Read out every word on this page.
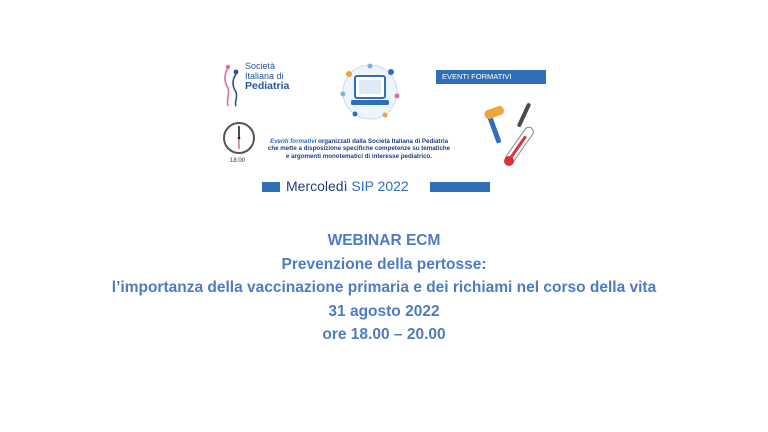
Società
Italiana di
Pediatria
EVENTI FORMATIVI
18:00
Eventi formativi organizzati dalla Società Italiana di Pediatria
che mette a disposizione specifiche competenze su tematiche
e argomenti monotematici di interesse pediatrico.
Mercoledì SIP 2022
WEBINAR ECM
Prevenzione della pertosse:
l’importanza della vaccinazione primaria e dei richiami nel corso della vita
31 agosto 2022
ore 18.00 – 20.00
